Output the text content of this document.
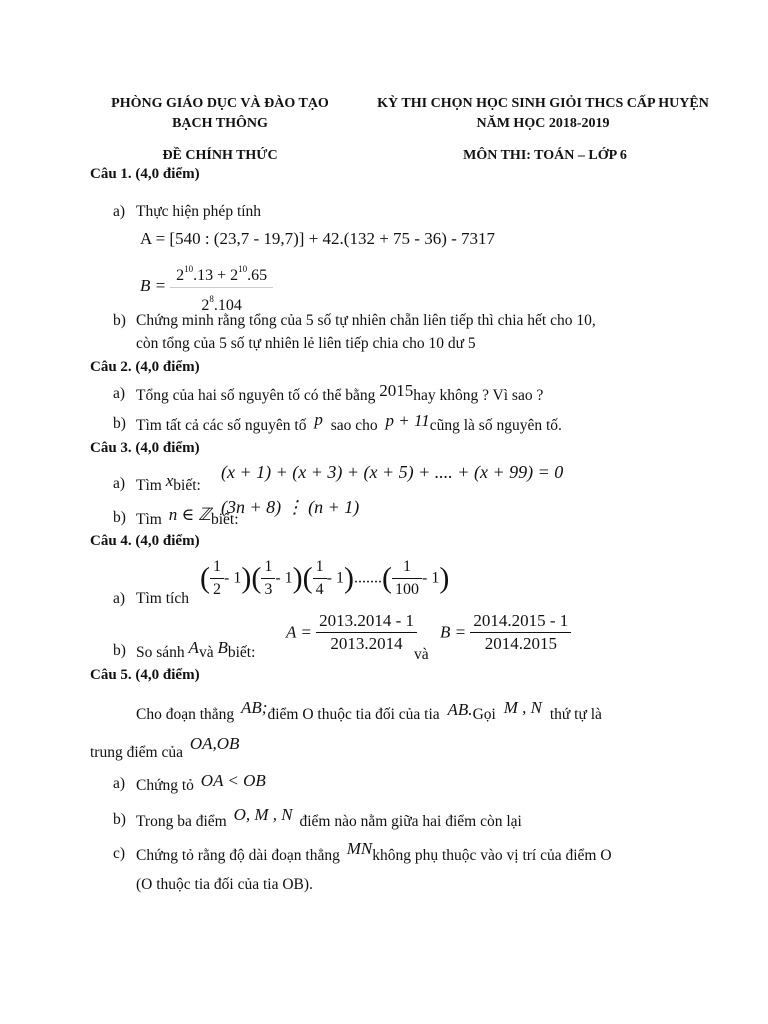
PHÒNG GIÁO DỤC VÀ ĐÀO TẠO
BẠCH THÔNG
KỲ THI CHỌN HỌC SINH GIỎI THCS CẤP HUYỆN
NĂM HỌC 2018-2019
ĐỀ CHÍNH THỨC	MÔN THI: TOÁN – LỚP 6
Câu 1. (4,0 điểm)
a) Thực hiện phép tính
A = [540 : (23,7 - 19,7)] + 42.(132 + 75 - 36) - 7317
$B = \frac{2^{10}.13 + 2^{10}.65}{2^8.104}$
b) Chứng minh rằng tổng của 5 số tự nhiên chẵn liên tiếp thì chia hết cho 10,
còn tổng của 5 số tự nhiên lẻ liên tiếp chia cho 10 dư 5
Câu 2. (4,0 điểm)
a) Tổng của hai số nguyên tố có thể bằng 2015hay không ? Vì sao ?
b) Tìm tất cả các số nguyên tố p sao cho p + 11cũng là số nguyên tố.
Câu 3. (4,0 điểm)
a) Tìm xbiết:
(x + 1) + (x + 3) + (x + 5) + .... + (x + 99) = 0
b) Tìm n ∈ ℤbiết:
(3n + 8) ⋮ (n + 1)
Câu 4. (4,0 điểm)
a) Tìm tích
( $\frac{1}{2} - 1)( \frac{1}{3} - 1)( \frac{1}{4} - 1).......( \frac{1}{100} - 1)$
b) So sánh Avà Bbiết:
$A = \frac{2013.2014 - 1}{2013.2014}$
và
$B = \frac{2014.2015 - 1}{2014.2015}$
Câu 5. (4,0 điểm)
Cho đoạn thẳng AB;điểm O thuộc tia đối của tia AB.Gọi M , N thứ tự là
trung điểm của OA,OB
a) Chứng tỏ OA < OB
b) Trong ba điểm O, M , N điểm nào nằm giữa hai điểm còn lại
c) Chứng tỏ rằng độ dài đoạn thẳng MNkhông phụ thuộc vào vị trí của điểm O
(O thuộc tia đối của tia OB).
